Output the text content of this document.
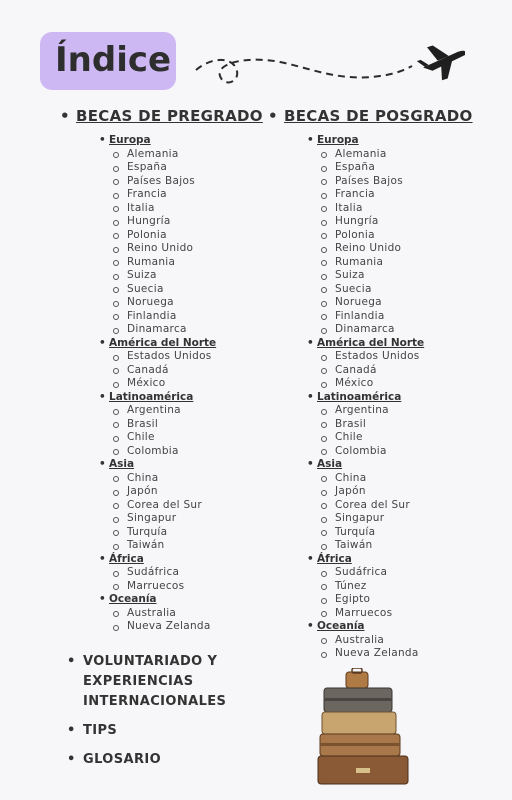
Índice
• BECAS DE PREGRADO
• Europa
Alemania
España
Países Bajos
Francia
Italia
Hungría
Polonia
Reino Unido
Rumania
Suiza
Suecia
Noruega
Finlandia
Dinamarca
• América del Norte
Estados Unidos
Canadá
México
• Latinoamérica
Argentina
Brasil
Chile
Colombia
• Asia
China
Japón
Corea del Sur
Singapur
Turquía
Taiwán
• África
Sudáfrica
Marruecos
• Oceanía
Australia
Nueva Zelanda
• BECAS DE POSGRADO
• Europa
Alemania
España
Países Bajos
Francia
Italia
Hungría
Polonia
Reino Unido
Rumania
Suiza
Suecia
Noruega
Finlandia
Dinamarca
• América del Norte
Estados Unidos
Canadá
México
• Latinoamérica
Argentina
Brasil
Chile
Colombia
• Asia
China
Japón
Corea del Sur
Singapur
Turquía
Taiwán
• África
Sudáfrica
Túnez
Egipto
Marruecos
• Oceanía
Australia
Nueva Zelanda
• VOLUNTARIADO Y EXPERIENCIAS INTERNACIONALES
• TIPS
• GLOSARIO
